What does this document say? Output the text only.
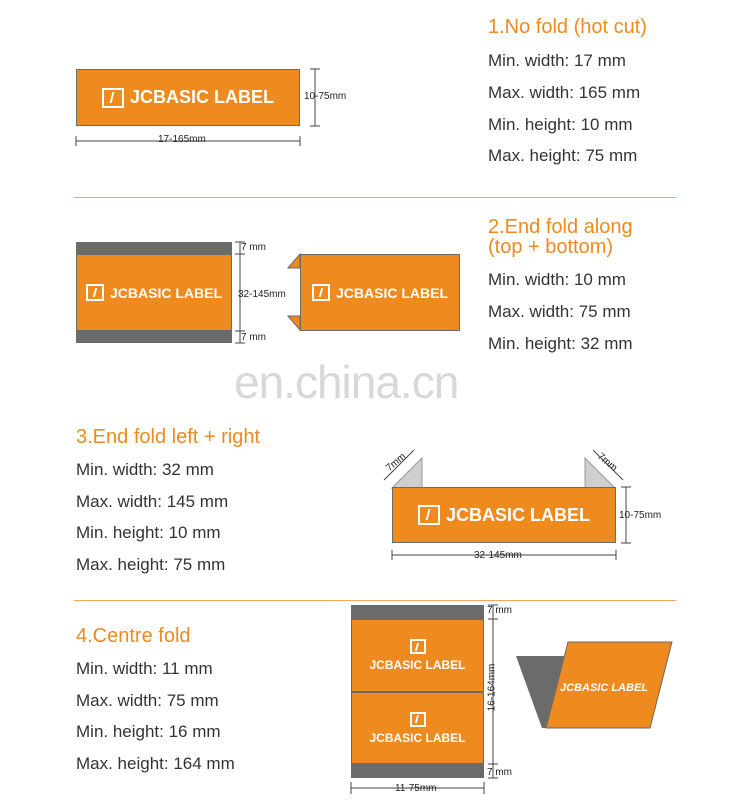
1.No fold (hot cut)
Min. width: 17 mm
Max. width: 165 mm
Min. height: 10 mm
Max. height: 75 mm
JCBASIC LABEL	10-75mm
17-165mm
2.End fold along
(top + bottom)
Min. width: 10 mm
Max. width: 75 mm
Min. height: 32 mm
JCBASIC LABEL
7 mm
32-145mm
7 mm
JCBASIC LABEL
en.china.cn
3.End fold left + right
Min. width: 32 mm
Max. width: 145 mm
Min. height: 10 mm
Max. height: 75 mm
7mm	7mm
JCBASIC LABEL	10-75mm
32-145mm
4.Centre fold
Min. width: 11 mm
Max. width: 75 mm
Min. height: 16 mm
Max. height: 164 mm
JCBASIC LABEL
JCBASIC LABEL
7 mm
16-164mm
7 mm
11-75mm
JCBASIC LABEL
